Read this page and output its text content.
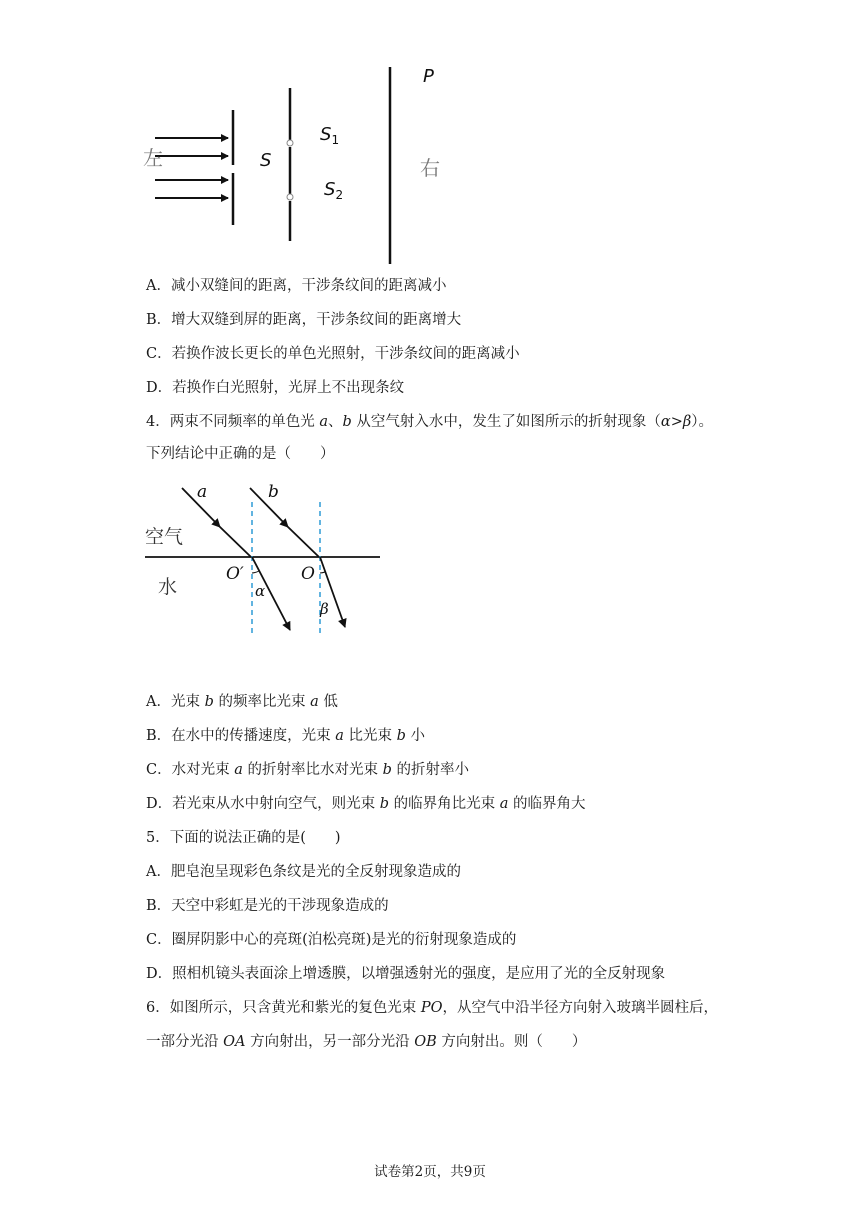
左	右
S
$S_1$
$S_2$
P
A．减小双缝间的距离，干涉条纹间的距离减小
B．增大双缝到屏的距离，干涉条纹间的距离增大
C．若换作波长更长的单色光照射，干涉条纹间的距离减小
D．若换作白光照射，光屏上不出现条纹
4．两束不同频率的单色光 a、b 从空气射入水中，发生了如图所示的折射现象（α>β）。
下列结论中正确的是（　　）
空气
水
a	b
O′	O
α
β
A．光束 b 的频率比光束 a 低
B．在水中的传播速度，光束 a 比光束 b 小
C．水对光束 a 的折射率比水对光束 b 的折射率小
D．若光束从水中射向空气，则光束 b 的临界角比光束 a 的临界角大
5．下面的说法正确的是(　　)
A．肥皂泡呈现彩色条纹是光的全反射现象造成的
B．天空中彩虹是光的干涉现象造成的
C．圈屏阴影中心的亮斑(泊松亮斑)是光的衍射现象造成的
D．照相机镜头表面涂上增透膜，以增强透射光的强度，是应用了光的全反射现象
6．如图所示，只含黄光和紫光的复色光束 PO，从空气中沿半径方向射入玻璃半圆柱后，
一部分光沿 OA 方向射出，另一部分光沿 OB 方向射出。则（　　）
试卷第2页，共9页
